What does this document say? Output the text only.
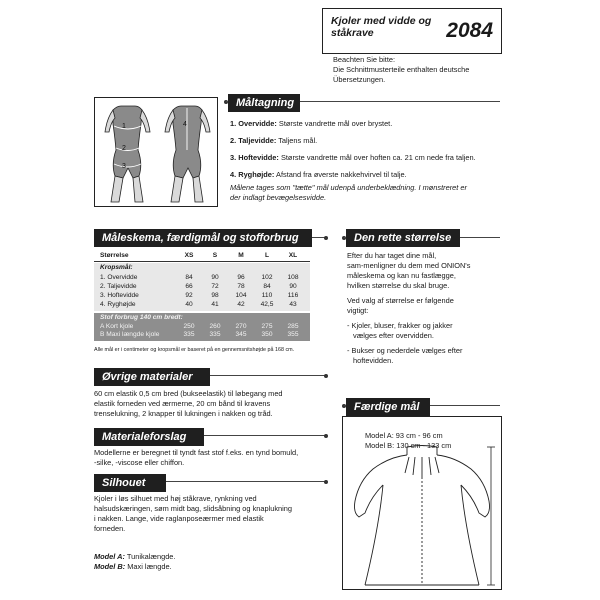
Kjoler med vidde og ståkrave	2084
Beachten Sie bitte:
Die Schnittmusterteile enthalten deutsche
Übersetzungen.
1
2
3
4
Måltagning
1. Overvidde: Største vandrette mål over brystet.
2. Taljevidde: Taljens mål.
3. Hoftevidde: Største vandrette mål over hoften ca. 21 cm nede fra taljen.
4. Ryghøjde: Afstand fra øverste nakkehvirvel til talje.
Målene tages som "tætte" mål udenpå underbeklædning. I mønstreret er
der indlagt bevægelsesvidde.
Måleskema, færdigmål og stofforbrug
Størrelse	XS	S	M	L	XL
Kropsmål:
1. Overvidde	84	90	96	102	108
2. Taljevidde	66	72	78	84	90
3. Hoftevidde	92	98	104	110	116
4. Ryghøjde	40	41	42	42,5	43
Stof forbrug 140 cm bredt:
A Kort kjole	250	260	270	275	285
B Maxi længde kjole	335	335	345	350	355
Alle mål er i centimeter og kropsmål er baseret på en gennemsnitshøjde på 168 cm.
Den rette størrelse
Efter du har taget dine mål,
sam-menligner du dem med ONION's
måleskema og kan nu fastlægge,
hvilken størrelse du skal bruge.
Ved valg af størrelse er følgende
vigtigt:
- Kjoler, bluser, frakker og jakker
vælges efter overvidden.
- Bukser og nederdele vælges efter
hoftevidden.
Øvrige materialer
60 cm elastik 0,5 cm bred (bukseelastik) til løbegang med
elastik forneden ved ærmerne, 20 cm bånd til kravens
trenselukning, 2 knapper til lukningen i nakken og tråd.
Materialeforslag
Modellerne er beregnet til tyndt fast stof f.eks. en tynd bomuld,
-silke, -viscose eller chiffon.
Silhouet
Kjoler i løs silhuet med høj ståkrave, rynkning ved
halsudskæringen, søm midt bag, slidsåbning og knaplukning
i nakken. Lange, vide raglanposeærmer med elastik
forneden.
Model A: Tunikalængde.
Model B: Maxi længde.
Færdige mål
Model A: 93 cm - 96 cm
Model B: 130 cm - 133 cm
